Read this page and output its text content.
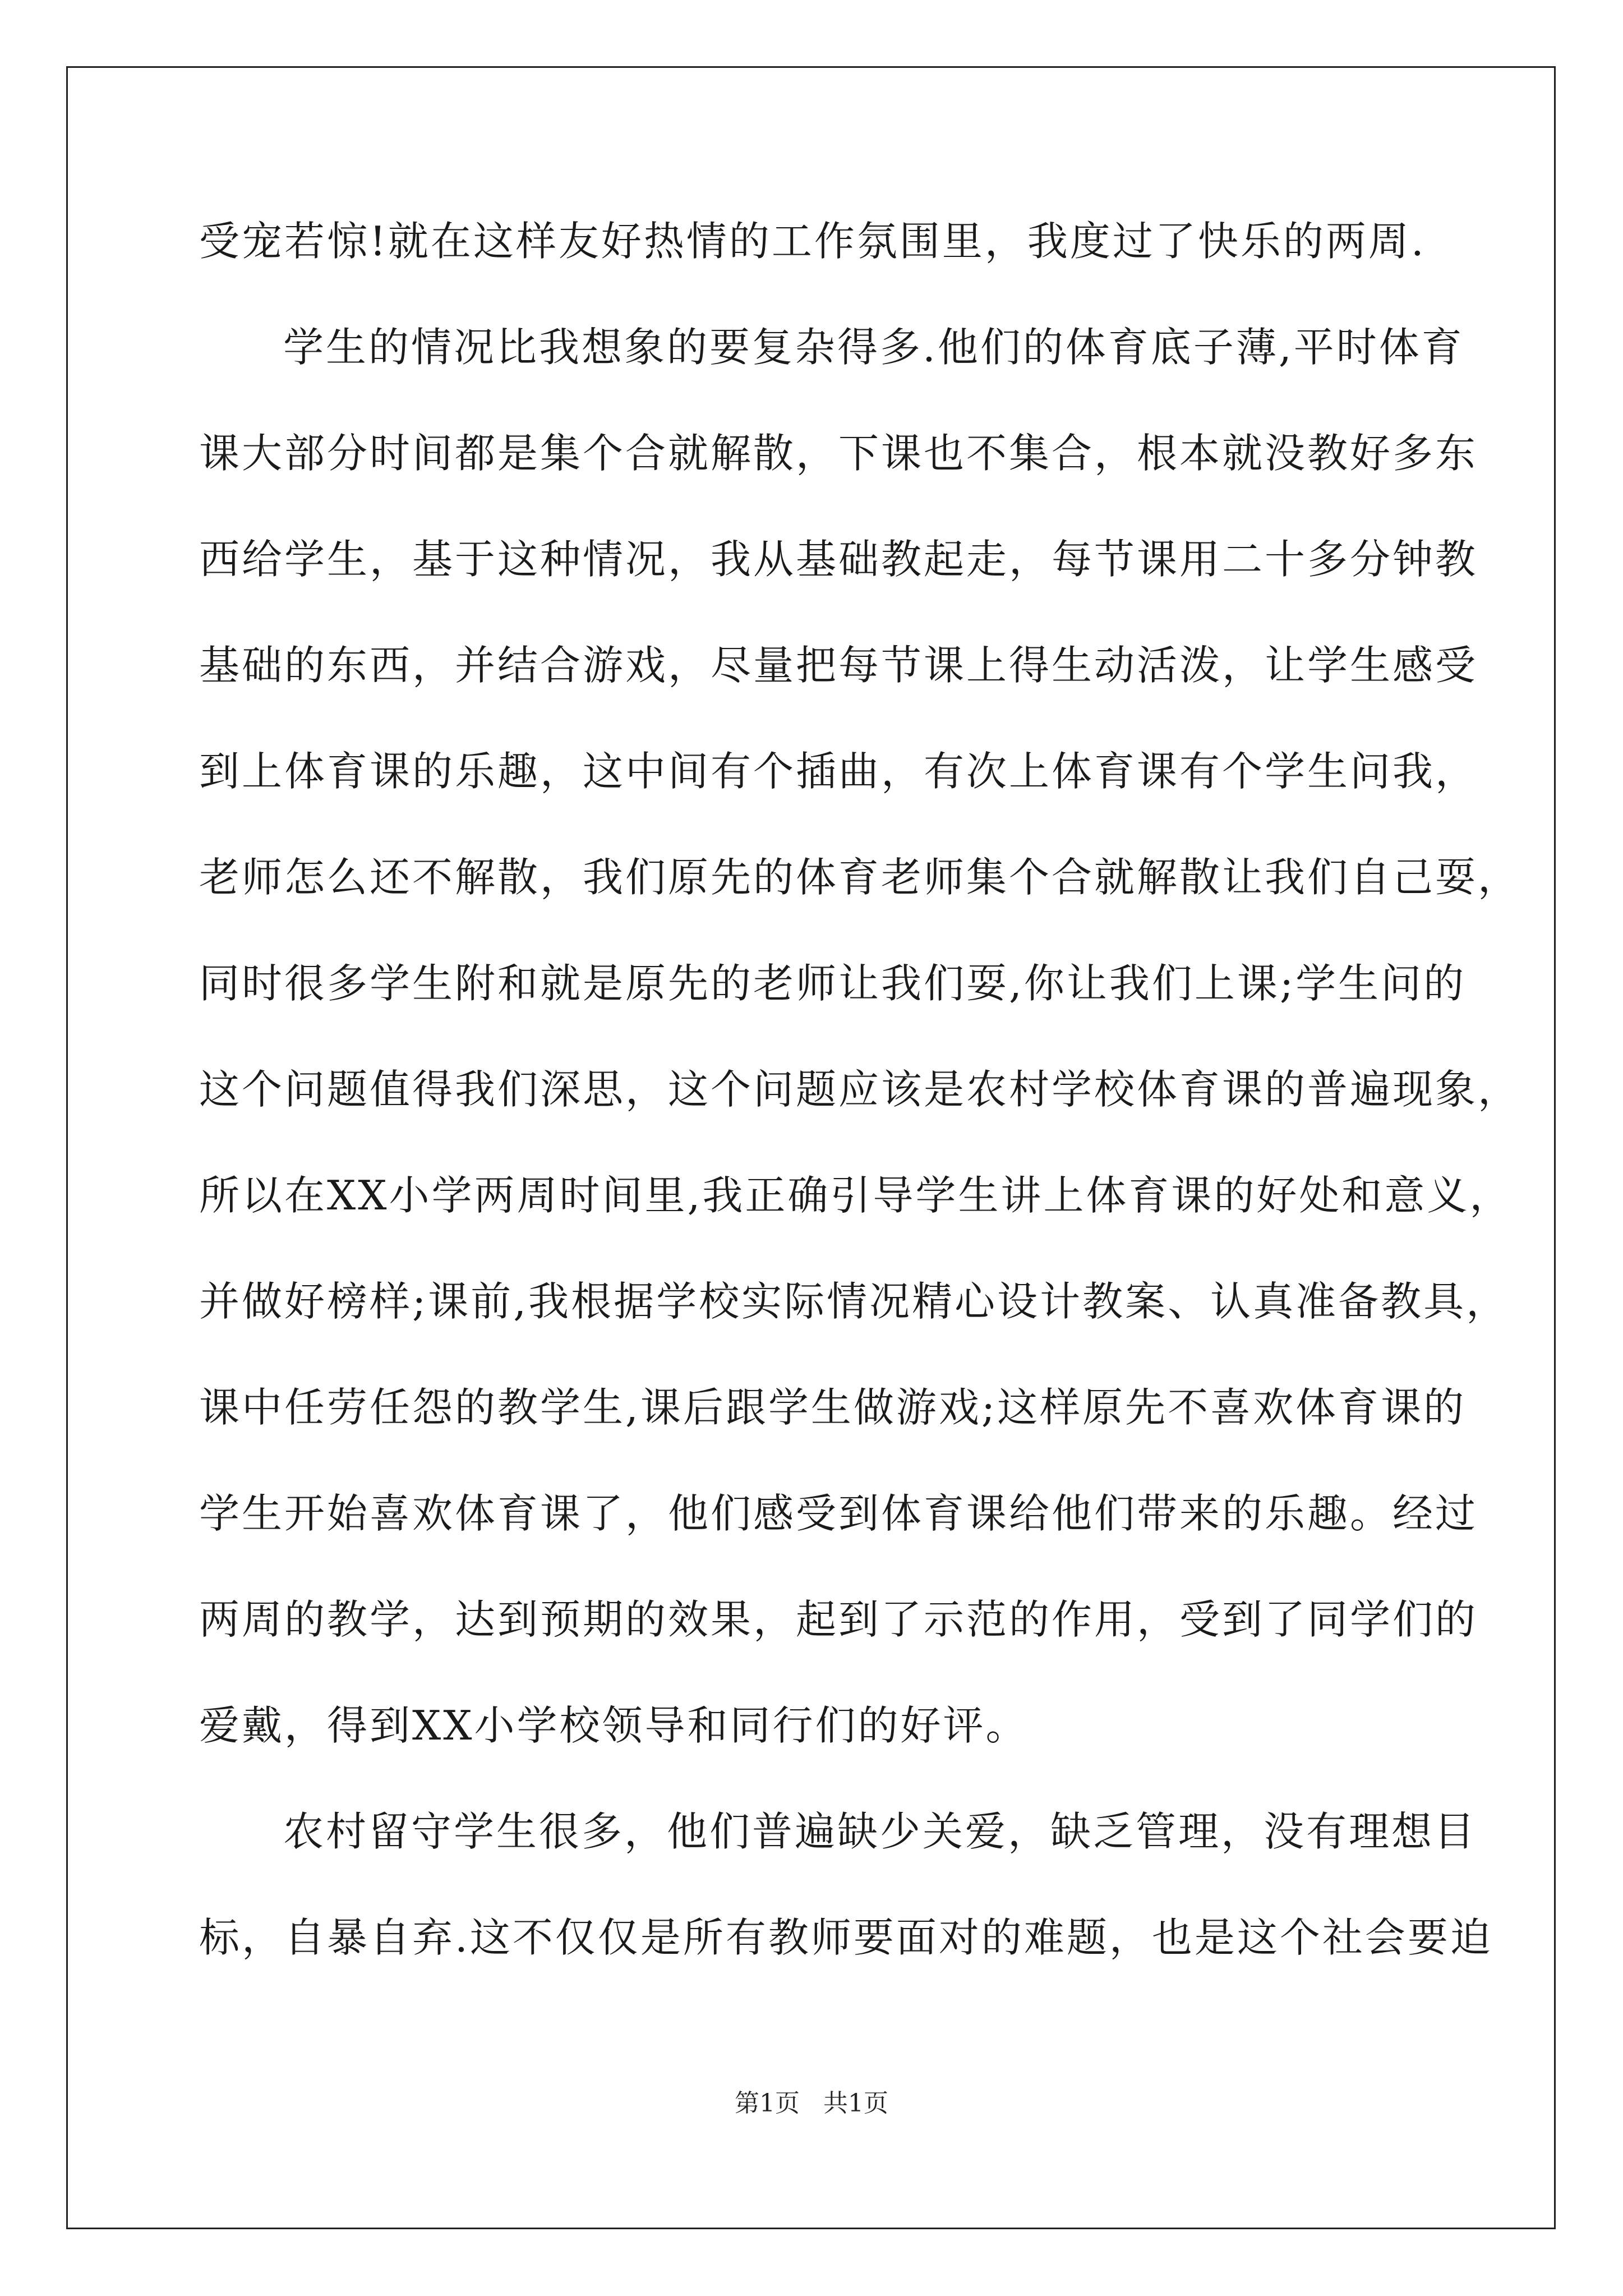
受宠若惊!就在这样友好热情的工作氛围里，我度过了快乐的两周.
学生的情况比我想象的要复杂得多.他们的体育底子薄,平时体育
课大部分时间都是集个合就解散，下课也不集合，根本就没教好多东
西给学生，基于这种情况，我从基础教起走，每节课用二十多分钟教
基础的东西，并结合游戏，尽量把每节课上得生动活泼，让学生感受
到上体育课的乐趣，这中间有个插曲，有次上体育课有个学生问我，
老师怎么还不解散，我们原先的体育老师集个合就解散让我们自己耍，
同时很多学生附和就是原先的老师让我们耍,你让我们上课;学生问的
这个问题值得我们深思，这个问题应该是农村学校体育课的普遍现象，
所以在XX小学两周时间里,我正确引导学生讲上体育课的好处和意义，
并做好榜样;课前,我根据学校实际情况精心设计教案、认真准备教具，
课中任劳任怨的教学生,课后跟学生做游戏;这样原先不喜欢体育课的
学生开始喜欢体育课了，他们感受到体育课给他们带来的乐趣。经过
两周的教学，达到预期的效果，起到了示范的作用，受到了同学们的
爱戴，得到XX小学校领导和同行们的好评。
农村留守学生很多，他们普遍缺少关爱，缺乏管理，没有理想目
标，自暴自弃.这不仅仅是所有教师要面对的难题，也是这个社会要迫
第1页 共1页
